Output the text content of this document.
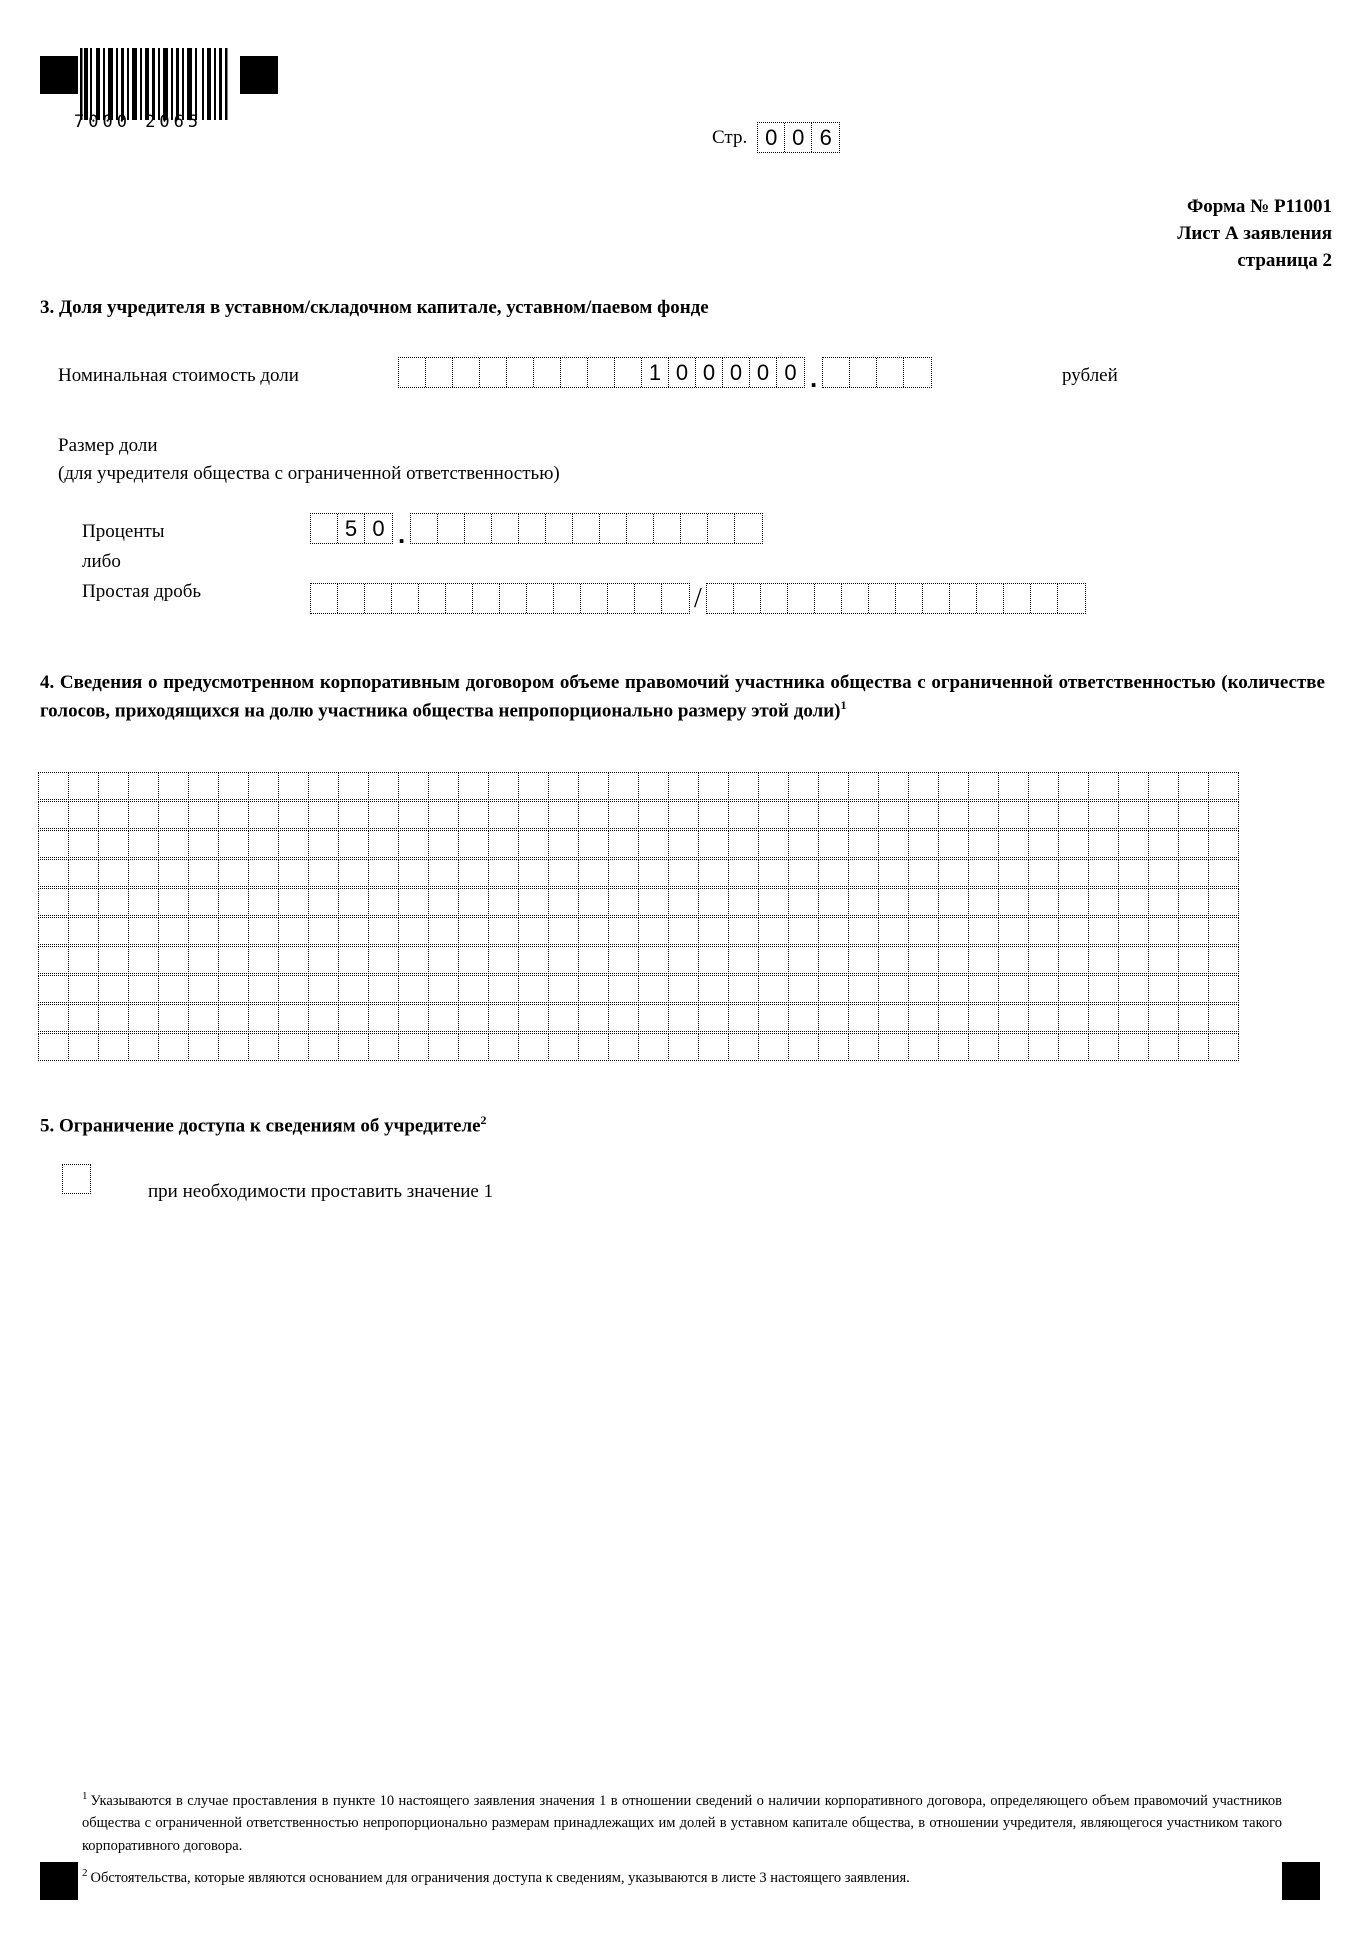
7000 2065
Стр. 0 0 6
Форма № Р11001
Лист А заявления
страница 2
3. Доля учредителя в уставном/складочном капитале, уставном/паевом фонде
Номинальная стоимость доли	1 0 0 0 0 0 .	рублей
Размер доли
(для учредителя общества с ограниченной ответственностью)
Проценты
либо
Простая дробь
5 0 .
/
4. Сведения о предусмотренном корпоративным договором объеме правомочий участника общества с ограниченной ответственностью (количестве голосов, приходящихся на долю участника общества непропорционально размеру этой доли)$^1$
5. Ограничение доступа к сведениям об учредителе$^2$
при необходимости проставить значение 1
$^1$ Указываются в случае проставления в пункте 10 настоящего заявления значения 1 в отношении сведений о наличии корпоративного договора, определяющего объем правомочий участников общества с ограниченной ответственностью непропорционально размерам принадлежащих им долей в уставном капитале общества, в отношении учредителя, являющегося участником такого корпоративного договора.
$^2$ Обстоятельства, которые являются основанием для ограничения доступа к сведениям, указываются в листе 3 настоящего заявления.
